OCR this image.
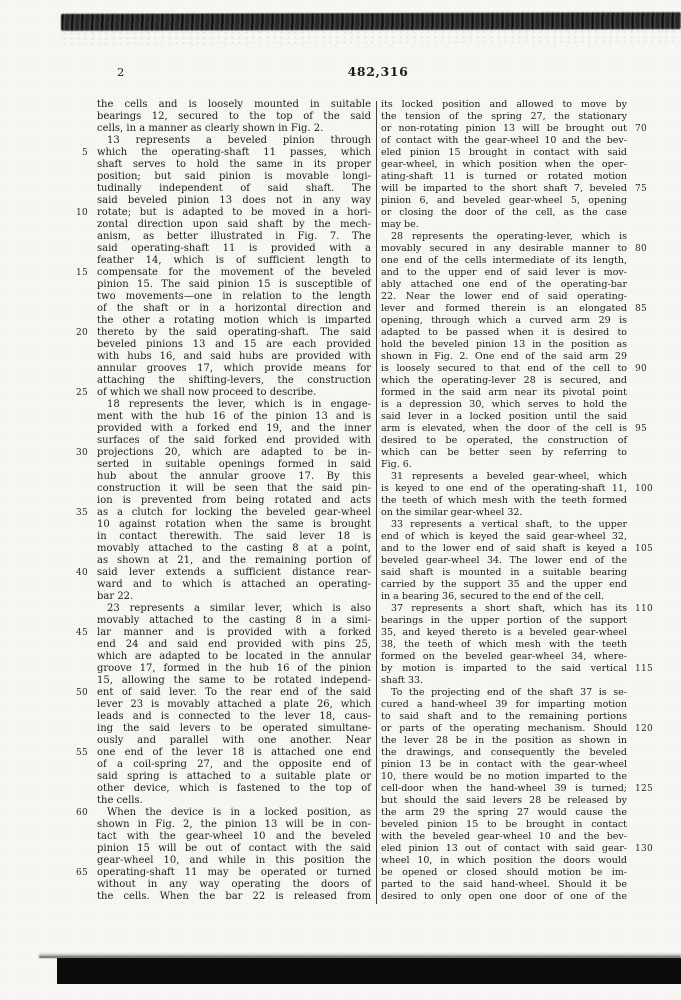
2	482,316
the cells and is loosely mounted in suitable
bearings 12, secured to the top of the said
cells, in a manner as clearly shown in Fig. 2.
13 represents a beveled pinion through
5 which the operating-shaft 11 passes, which
shaft serves to hold the same in its proper
position; but said pinion is movable longi-
tudinally independent of said shaft. The
said beveled pinion 13 does not in any way
10 rotate; but is adapted to be moved in a hori-
zontal direction upon said shaft by the mech-
anism, as better illustrated in Fig. 7. The
said operating-shaft 11 is provided with a
feather 14, which is of sufficient length to
15 compensate for the movement of the beveled
pinion 15. The said pinion 15 is susceptible of
two movements—one in relation to the length
of the shaft or in a horizontal direction and
the other a rotating motion which is imparted
20 thereto by the said operating-shaft. The said
beveled pinions 13 and 15 are each provided
with hubs 16, and said hubs are provided with
annular grooves 17, which provide means for
attaching the shifting-levers, the construction
25 of which we shall now proceed to describe.
18 represents the lever, which is in engage-
ment with the hub 16 of the pinion 13 and is
provided with a forked end 19, and the inner
surfaces of the said forked end provided with
30 projections 20, which are adapted to be in-
serted in suitable openings formed in said
hub about the annular groove 17. By this
construction it will be seen that the said pin-
ion is prevented from being rotated and acts
35 as a clutch for locking the beveled gear-wheel
10 against rotation when the same is brought
in contact therewith. The said lever 18 is
movably attached to the casting 8 at a point,
as shown at 21, and the remaining portion of
40 said lever extends a sufficient distance rear-
ward and to which is attached an operating-
bar 22.
23 represents a similar lever, which is also
movably attached to the casting 8 in a simi-
45 lar manner and is provided with a forked
end 24 and said end provided with pins 25,
which are adapted to be located in the annular
groove 17, formed in the hub 16 of the pinion
15, allowing the same to be rotated independ-
50 ent of said lever. To the rear end of the said
lever 23 is movably attached a plate 26, which
leads and is connected to the lever 18, caus-
ing the said levers to be operated simultane-
ously and parallel with one another. Near
55 one end of the lever 18 is attached one end
of a coil-spring 27, and the opposite end of
said spring is attached to a suitable plate or
other device, which is fastened to the top of
the cells.
60 When the device is in a locked position, as
shown in Fig. 2, the pinion 13 will be in con-
tact with the gear-wheel 10 and the beveled
pinion 15 will be out of contact with the said
gear-wheel 10, and while in this position the
65 operating-shaft 11 may be operated or turned
without in any way operating the doors of
the cells. When the bar 22 is released from
its locked position and allowed to move by
the tension of the spring 27, the stationary
70
or non-rotating pinion 13 will be brought out
of contact with the gear-wheel 10 and the bev-
eled pinion 15 brought in contact with said
gear-wheel, in which position when the oper-
ating-shaft 11 is turned or rotated motion
75
will be imparted to the short shaft 7, beveled
pinion 6, and beveled gear-wheel 5, opening
or closing the door of the cell, as the case
may be.
28 represents the operating-lever, which is
80
movably secured in any desirable manner to
one end of the cells intermediate of its length,
and to the upper end of said lever is mov-
ably attached one end of the operating-bar
22. Near the lower end of said operating-
85
lever and formed therein is an elongated
opening, through which a curved arm 29 is
adapted to be passed when it is desired to
hold the beveled pinion 13 in the position as
shown in Fig. 2. One end of the said arm 29
90
is loosely secured to that end of the cell to
which the operating-lever 28 is secured, and
formed in the said arm near its pivotal point
is a depression 30, which serves to hold the
said lever in a locked position until the said
95
arm is elevated, when the door of the cell is
desired to be operated, the construction of
which can be better seen by referring to
Fig. 6.
31 represents a beveled gear-wheel, which
100
is keyed to one end of the operating-shaft 11,
the teeth of which mesh with the teeth formed
on the similar gear-wheel 32.
33 represents a vertical shaft, to the upper
end of which is keyed the said gear-wheel 32,
105
and to the lower end of said shaft is keyed a
beveled gear-wheel 34. The lower end of the
said shaft is mounted in a suitable bearing
carried by the support 35 and the upper end
in a bearing 36, secured to the end of the cell.
110
37 represents a short shaft, which has its
bearings in the upper portion of the support
35, and keyed thereto is a beveled gear-wheel
38, the teeth of which mesh with the teeth
formed on the beveled gear-wheel 34, where-
115
by motion is imparted to the said vertical
shaft 33.
To the projecting end of the shaft 37 is se-
cured a hand-wheel 39 for imparting motion
to said shaft and to the remaining portions
120
or parts of the operating mechanism. Should
the lever 28 be in the position as shown in
the drawings, and consequently the beveled
pinion 13 be in contact with the gear-wheel
10, there would be no motion imparted to the
125
cell-door when the hand-wheel 39 is turned;
but should the said levers 28 be released by
the arm 29 the spring 27 would cause the
beveled pinion 15 to be brought in contact
with the beveled gear-wheel 10 and the bev-
130
eled pinion 13 out of contact with said gear-
wheel 10, in which position the doors would
be opened or closed should motion be im-
parted to the said hand-wheel. Should it be
desired to only open one door of one of the
